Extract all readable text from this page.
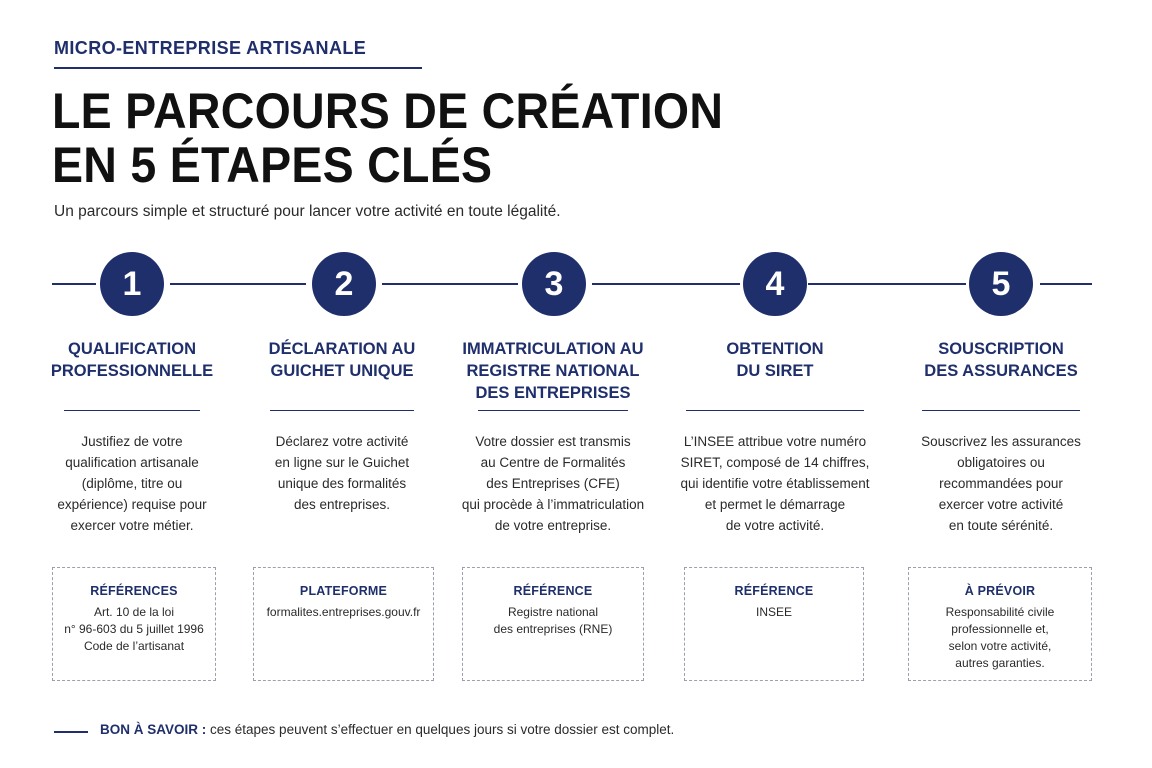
MICRO-ENTREPRISE ARTISANALE
LE PARCOURS DE CRÉATION
EN 5 ÉTAPES CLÉS
Un parcours simple et structuré pour lancer votre activité en toute légalité.
1	2	3	4	5
QUALIFICATION
PROFESSIONNELLE
Justifiez de votre
qualification artisanale
(diplôme, titre ou
expérience) requise pour
exercer votre métier.
DÉCLARATION AU
GUICHET UNIQUE
Déclarez votre activité
en ligne sur le Guichet
unique des formalités
des entreprises.
IMMATRICULATION AU
REGISTRE NATIONAL
DES ENTREPRISES
Votre dossier est transmis
au Centre de Formalités
des Entreprises (CFE)
qui procède à l’immatriculation
de votre entreprise.
OBTENTION
DU SIRET
L’INSEE attribue votre numéro
SIRET, composé de 14 chiffres,
qui identifie votre établissement
et permet le démarrage
de votre activité.
SOUSCRIPTION
DES ASSURANCES
Souscrivez les assurances
obligatoires ou
recommandées pour
exercer votre activité
en toute sérénité.
RÉFÉRENCES
Art. 10 de la loi
n° 96-603 du 5 juillet 1996
Code de l’artisanat
PLATEFORME
formalites.entreprises.gouv.fr
RÉFÉRENCE
Registre national
des entreprises (RNE)
RÉFÉRENCE
INSEE
À PRÉVOIR
Responsabilité civile
professionnelle et,
selon votre activité,
autres garanties.
BON À SAVOIR : ces étapes peuvent s’effectuer en quelques jours si votre dossier est complet.
